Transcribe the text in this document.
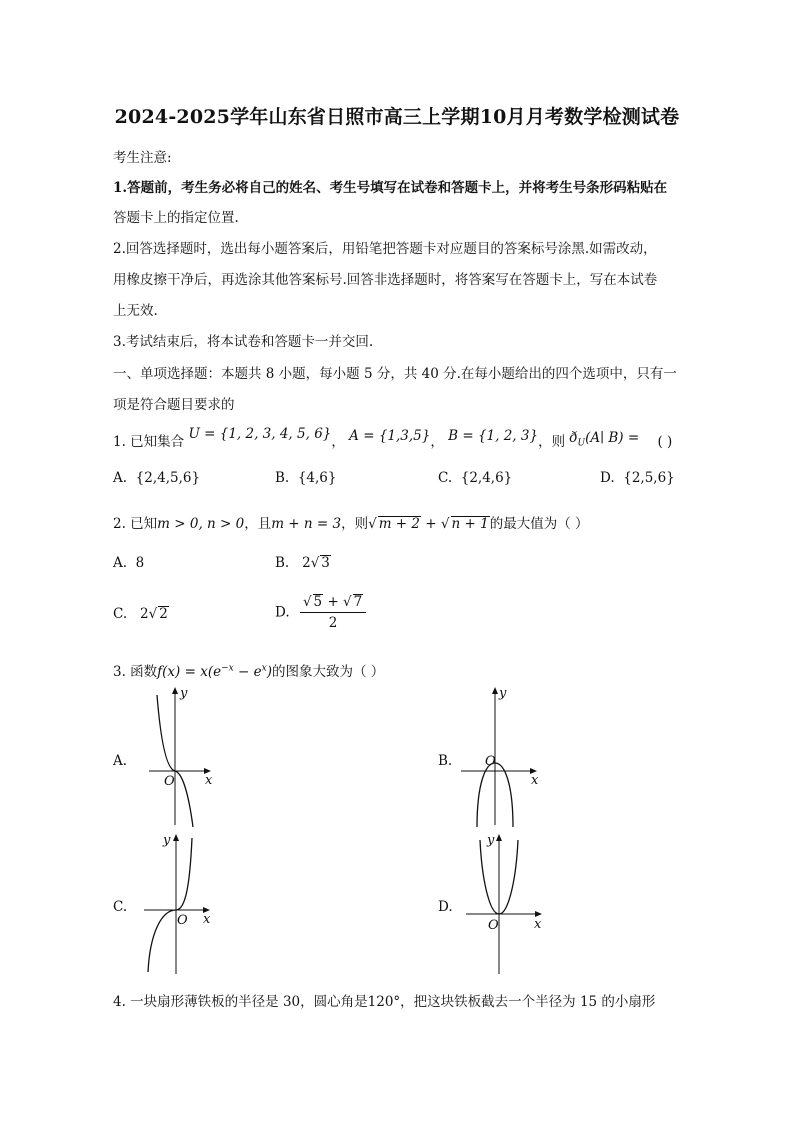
2024-2025学年山东省日照市高三上学期10月月考数学检测试卷
考生注意:
1.答题前，考生务必将自己的姓名、考生号填写在试卷和答题卡上，并将考生号条形码粘贴在
答题卡上的指定位置.
2.回答选择题时，选出每小题答案后，用铅笔把答题卡对应题目的答案标号涂黑.如需改动，
用橡皮擦干净后，再选涂其他答案标号.回答非选择题时，将答案写在答题卡上，写在本试卷
上无效.
3.考试结束后，将本试卷和答题卡一并交回.
一、单项选择题：本题共 8 小题，每小题 5 分，共 40 分.在每小题给出的四个选项中，只有一
项是符合题目要求的
1. 已知集合 U = {1, 2, 3, 4, 5, 6}， A = {1,3,5}， B = {1, 2, 3}，则 $ð_U(A∣$ B) = ( )
A. {2,4,5,6}	B. {4,6}	C. {2,4,6}	D. {2,5,6}
2. 已知m > 0, n > 0，且m + n = 3，则√ m + 2 + √ n + 1的最大值为（ ）
A. 8	B. 2√ 3
C. 2√ 2	D. $\frac{√ 5 + √ 7}{2}$
3. 函数$f(x) = x(e^{-x} - e^x)$的图象大致为（ ）
A.	B.
C.	D.
y
x
O
y
x
O
y
x
O
y
x
O
4. 一块扇形薄铁板的半径是 30，圆心角是120°，把这块铁板截去一个半径为 15 的小扇形
